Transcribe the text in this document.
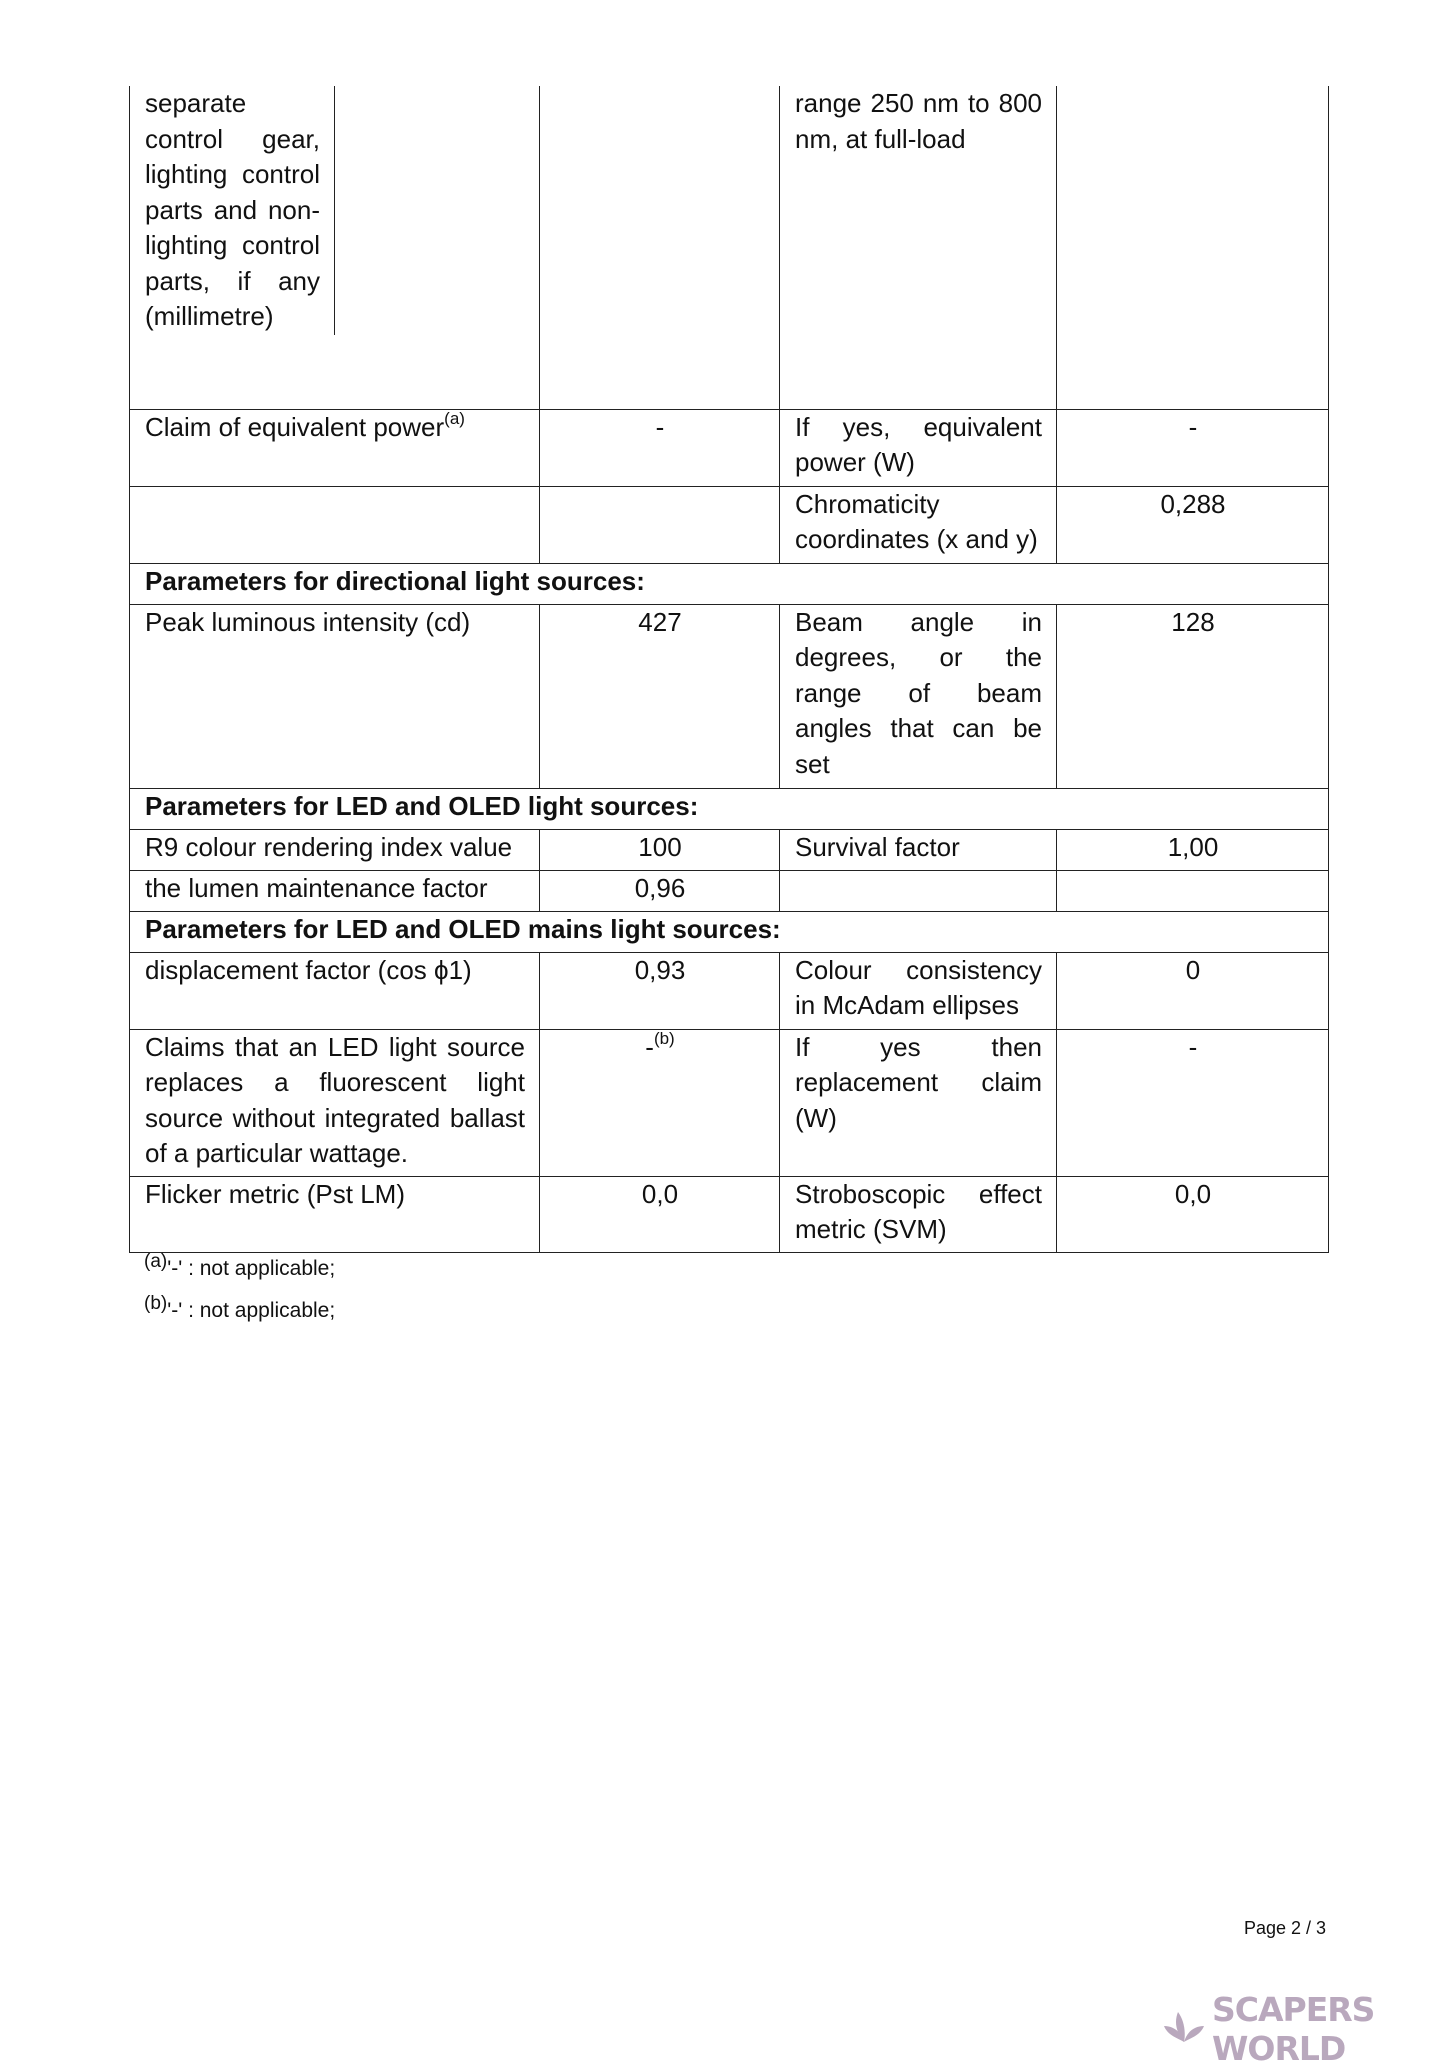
separate control gear, lighting control parts and non-lighting control parts, if any (millimetre)		range 250 nm to 800 nm, at full-load	
Claim of equivalent power$^{(a)}$	-	If yes, equivalent power (W)	-
		Chromaticity coordinates (x and y)	0,288
Parameters for directional light sources:			
Peak luminous intensity (cd)	427	Beam angle in degrees, or the range of beam angles that can be set	128
Parameters for LED and OLED light sources:			
R9 colour rendering index value	100	Survival factor	1,00
the lumen maintenance factor	0,96		
Parameters for LED and OLED mains light sources:			
displacement factor (cos ϕ1)	0,93	Colour consistency in McAdam ellipses	0
Claims that an LED light source replaces a fluorescent light source without integrated ballast of a particular wattage.	-$^{(b)}$	If yes then replacement claim (W)	-
Flicker metric (Pst LM)	0,0	Stroboscopic effect metric (SVM)	0,0
$^{(a)}$'-' : not applicable;
$^{(b)}$'-' : not applicable;
Page 2 / 3
SCAPERS WORLD
